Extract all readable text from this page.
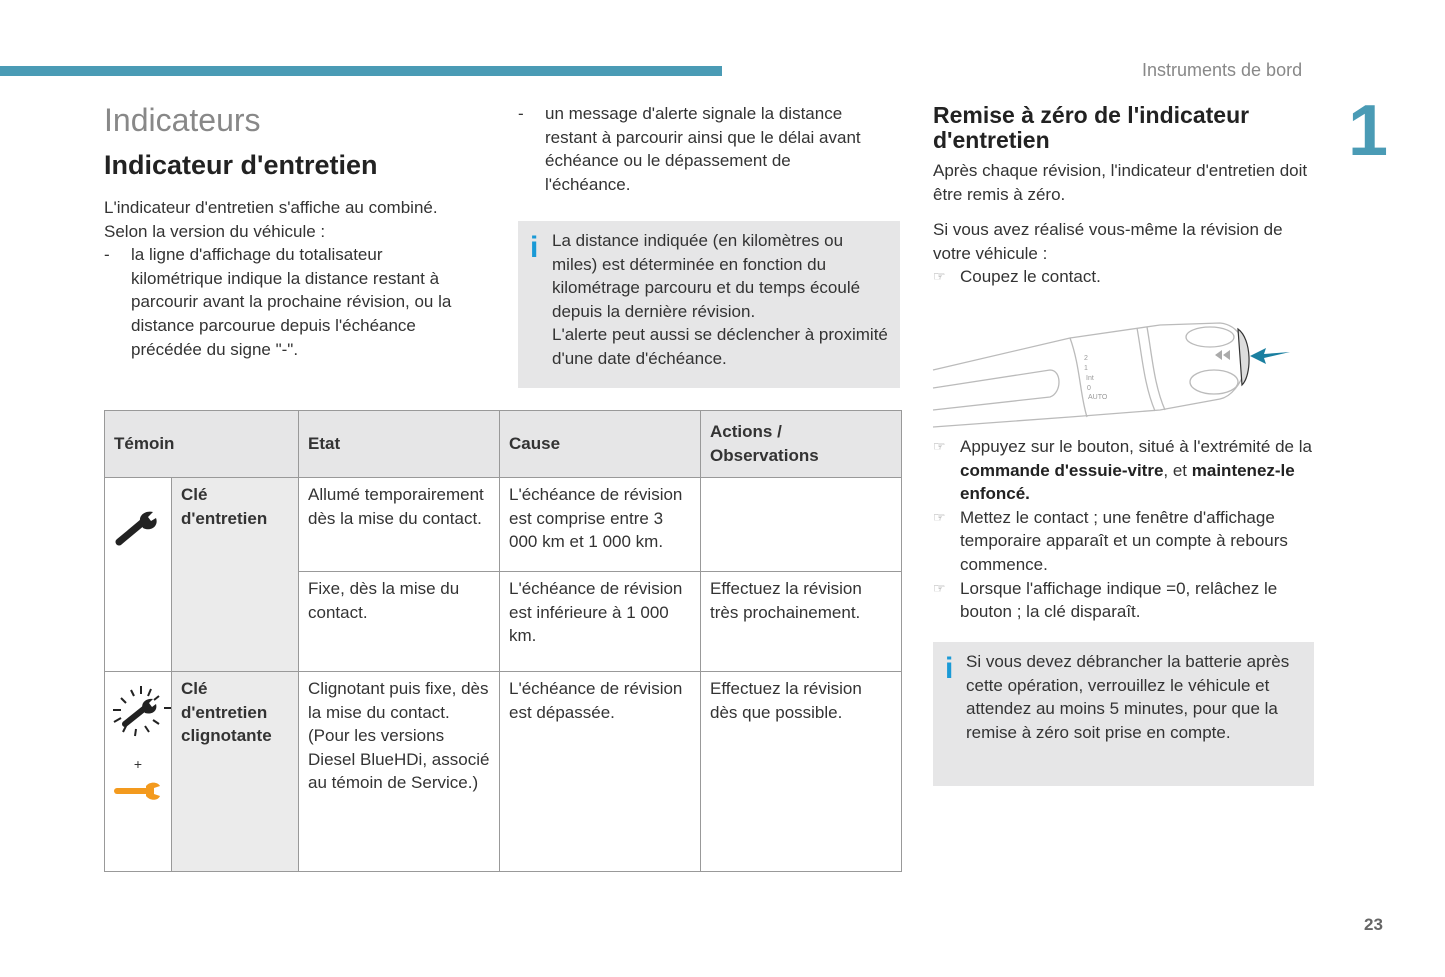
Instruments de bord
1
23
Indicateurs
Indicateur d'entretien

L'indicateur d'entretien s'affiche au combiné. Selon la version du véhicule :

-	la ligne d'affichage du totalisateur kilométrique indique la distance restant à parcourir avant la prochaine révision, ou la distance parcourue depuis l'échéance précédée du signe "-".
-	un message d'alerte signale la distance restant à parcourir ainsi que le délai avant échéance ou le dépassement de l'échéance.
i La distance indiquée (en kilomètres ou miles) est déterminée en fonction du kilométrage parcouru et du temps écoulé depuis la dernière révision.

L'alerte peut aussi se déclencher à proximité d'une date d'échéance.

Témoin		Etat	Cause	Actions / Observations
	Clé d'entretien	Allumé temporairement dès la mise du contact.	L'échéance de révision est comprise entre 3 000 km et 1 000 km.	
		Fixe, dès la mise du contact.	L'échéance de révision est inférieure à 1 000 km.	Effectuez la révision très prochainement.

+	Clé d'entretien clignotante	Clignotant puis fixe, dès la mise du contact. (Pour les versions Diesel BlueHDi, associé au témoin de Service.)	L'échéance de révision est dépassée.	Effectuez la révision dès que possible.
Remise à zéro de l'indicateur d'entretien

Après chaque révision, l'indicateur d'entretien doit être remis à zéro.

Si vous avez réalisé vous-même la révision de votre véhicule :

☞ Coupez le contact.
2
1
Int
0
AUTO
☞ Appuyez sur le bouton, situé à l'extrémité de la commande d'essuie-vitre, et maintenez-le enfoncé.
☞ Mettez le contact ; une fenêtre d'affichage temporaire apparaît et un compte à rebours commence.
☞ Lorsque l'affichage indique =0, relâchez le bouton ; la clé disparaît.
i Si vous devez débrancher la batterie après cette opération, verrouillez le véhicule et attendez au moins 5 minutes, pour que la remise à zéro soit prise en compte.
